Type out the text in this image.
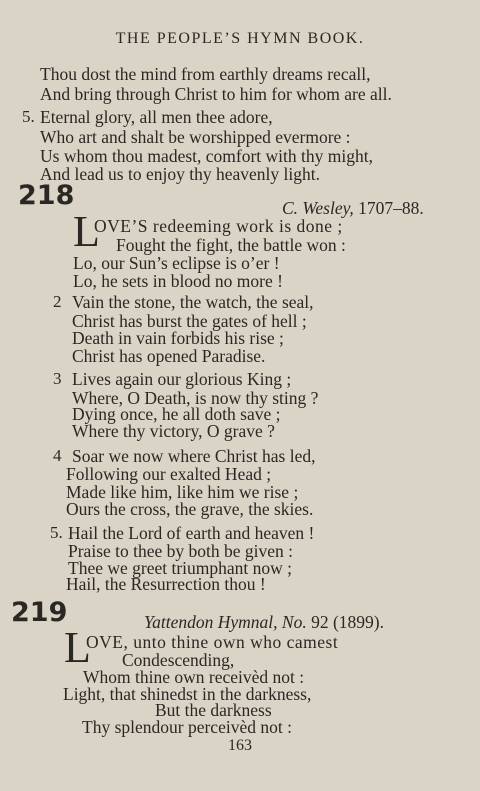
THE PEOPLE’S HYMN BOOK.
Thou dost the mind from earthly dreams recall,
And bring through Christ to him for whom are all.
5. Eternal glory, all men thee adore,
Who art and shalt be worshipped evermore :
Us whom thou madest, comfort with thy might,
And lead us to enjoy thy heavenly light.
218	C. Wesley, 1707–88.
L
OVE’S redeeming work is done ;
Fought the fight, the battle won :
Lo, our Sun’s eclipse is o’er !
Lo, he sets in blood no more !
2 Vain the stone, the watch, the seal,
Christ has burst the gates of hell ;
Death in vain forbids his rise ;
Christ has opened Paradise.
3 Lives again our glorious King ;
Where, O Death, is now thy sting ?
Dying once, he all doth save ;
Where thy victory, O grave ?
4 Soar we now where Christ has led,
Following our exalted Head ;
Made like him, like him we rise ;
Ours the cross, the grave, the skies.
5. Hail the Lord of earth and heaven !
Praise to thee by both be given :
Thee we greet triumphant now ;
Hail, the Resurrection thou !
219	Yattendon Hymnal, No. 92 (1899).
L
OVE, unto thine own who camest
Condescending,
Whom thine own receivèd not :
Light, that shinedst in the darkness,
But the darkness
Thy splendour perceivèd not :
163
